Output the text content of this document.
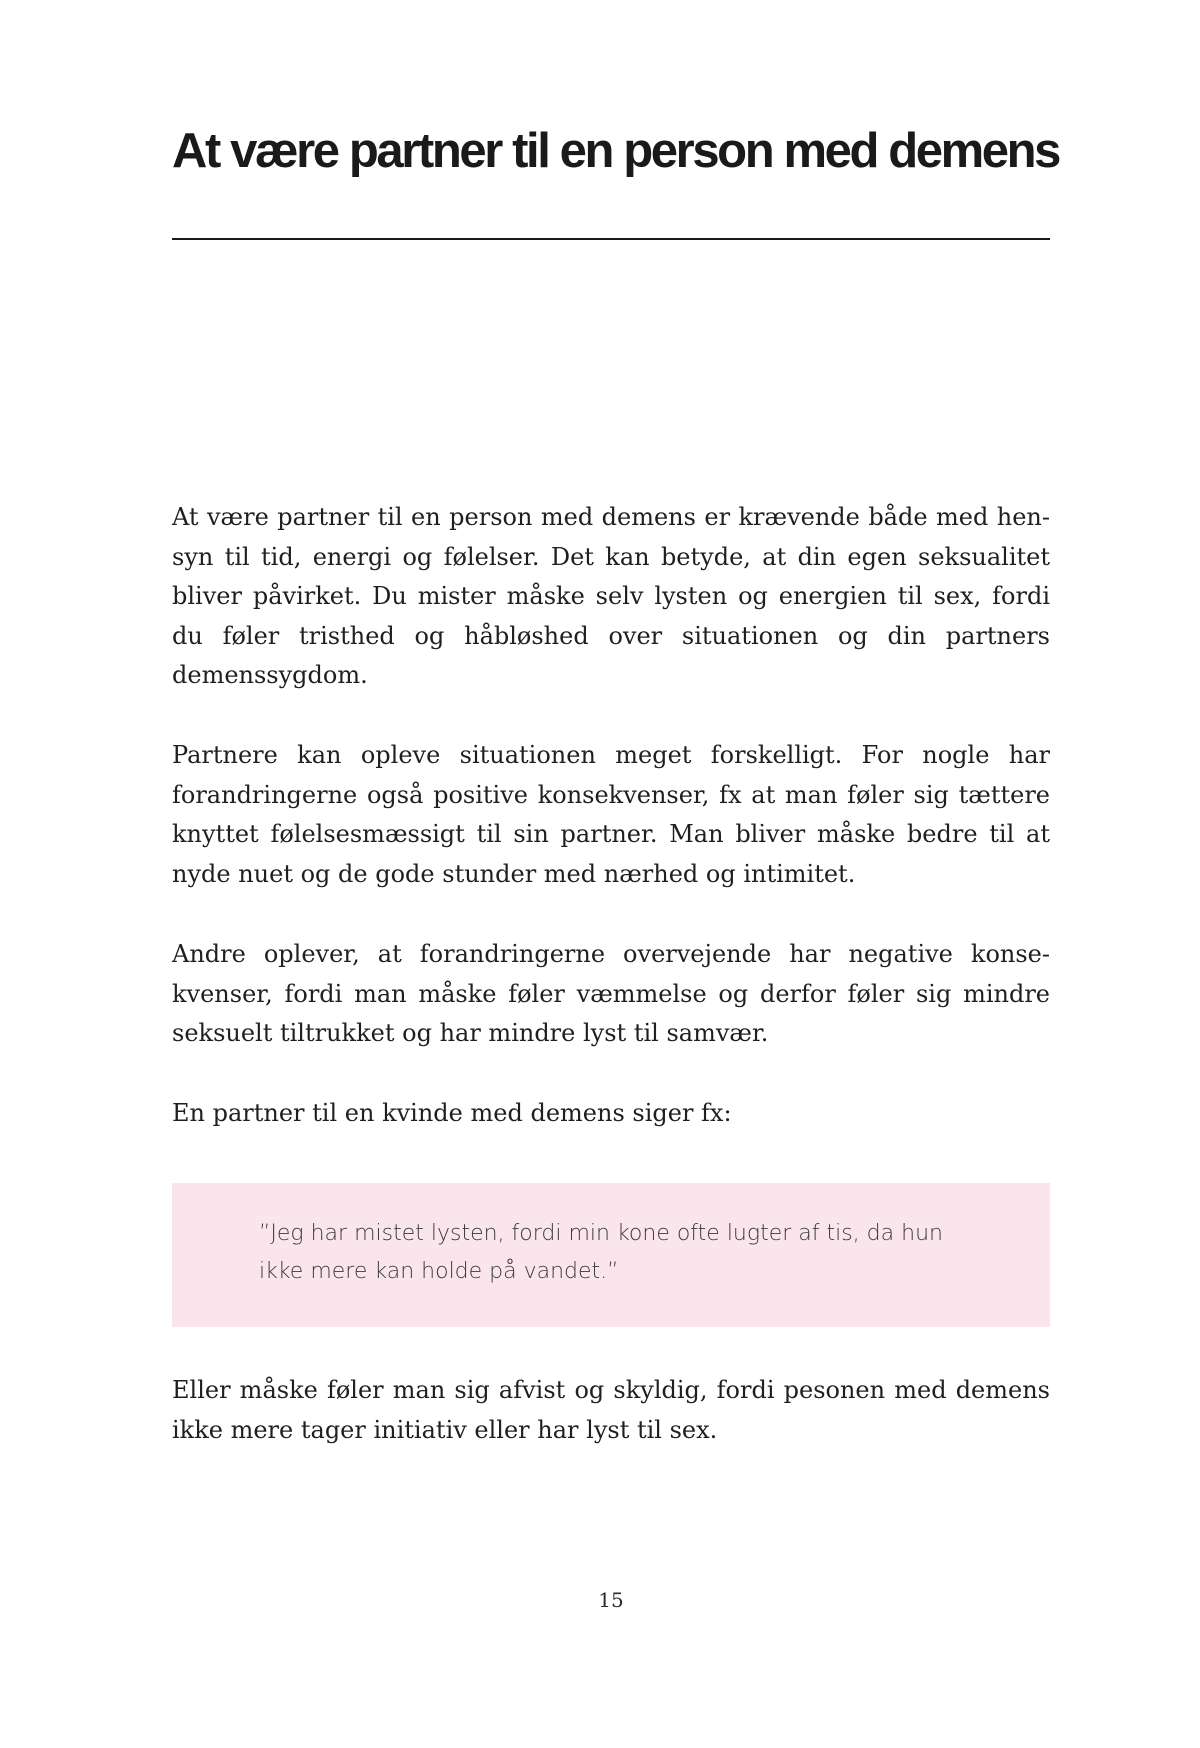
At være partner til en person med demens

At være partner til en person med demens er krævende både med hensyn til tid, energi og følelser. Det kan betyde, at din egen seksualitet bliver påvirket. Du mister måske selv lysten og energien til sex, fordi du føler tristhed og håbløshed over situationen og din partners demenssygdom.

Partnere kan opleve situationen meget forskelligt. For nogle har forandringerne også positive konsekvenser, fx at man føler sig tættere knyttet følelsesmæssigt til sin partner. Man bliver måske bedre til at nyde nuet og de gode stunder med nærhed og intimitet.

Andre oplever, at forandringerne overvejende har negative konsekvenser, fordi man måske føler væmmelse og derfor føler sig mindre seksuelt tiltrukket og har mindre lyst til samvær.

En partner til en kvinde med demens siger fx:

”Jeg har mistet lysten, fordi min kone ofte lugter af tis, da hun ikke mere kan holde på vandet.”

Eller måske føler man sig afvist og skyldig, fordi pesonen med demens ikke mere tager initiativ eller har lyst til sex.

15
